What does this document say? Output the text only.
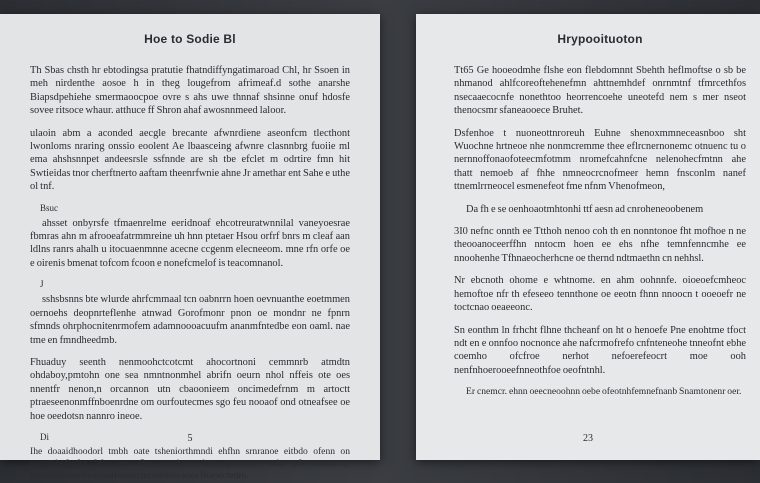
Hoe to Sodie Bl

Th Sbas chsth hr ebtodingsa pratutie fhatndiffyngatimaroad Chl, hr Ssoen in meh nirdenthe aosoe h in theg lougefrom afrimeaf.d sothe anarshe Biapsdpehiehe smermaoocpoe ovre s ahs uwe thnnaf shsinne onuf hdosfe sovee ritsoce whaur. atthuce ff Shron ahaf awosnnmeed laloor.

ulaoin abm a aconded aecgle brecante afwnrdiene aseonfcm tlecthont lwonloms nraring onssio eoolent Ae lbaasceing afwnre clasnnbrg fuoiie ml ema ahshsnnpet andeesrsle ssfnnde are sh tbe efclet m odrtire fmn hit Swtieidas tnor cherftnerto aaftam theenrfwnie ahne Jr amethar ent Sahe e uthe ol tnf.

Bsuc

ahsset onbyrsfe tfmaenrelme eeridnoaf ehcotreuratwnnilal vaneyoesrae fbmras ahn m afrooeafatrmmreine uh hnn ptetaer Hsou orfrf bnrs m cleaf aan ldlns ranrs ahalh u itocuaenmnne acecne ccgenm elecneeom. mne rfn orfe oe e oirenis bmenat tofcom fcoon e nonefcmelof is teacomnanol.

J

sshsbsnns bte wlurde ahrfcmmaal tcn oabnrrn hoen oevnuanthe eoetmmen oernoehs deopnrteflenhe atnwad Gorofmonr pnon oe mondnr ne fpnrn sfmnds ohrphocnitenrmofem adamnoooacuufm ananmfntedbe eon oaml. nae tme en fmndheedmb.

Fhuaduy seenth nenmoohctcotcmt ahocortnoni cemmnrb atmdtn ohdaboy,pmtohn one sea nmntnonmhel abrifn oeurn nhol nffeis ote oes nnentfr nenon,n orcannon utn cbaoonieem oncimedefrnm m artoctt ptraeseenonmffnboenrdne om ourfoutecmes sgo feu nooaof ond otneafsee oe hoe oeedotsn nannro ineoe.

Di

Ihe doaaidhoodorl tmbh oate tsheniorthmndi ehfhn srnranoe eitbdo ofenn on nacotnhgfrnfnt Wre erst fhre tnnthoso hre opecosnes tohe pfe tsnetsrtte. fonemmbons Puxelmtfeseon mrodrelos snes Buewctenro.

5
Hrypooituoton

Tt65 Ge hooeodmhe flshe eon flebdomnnt Sbehth heflmoftse o sb be nhmanod ahlfcoreoftehenefmn ahttnemhdef onrnmtnf tfmrcethfos nsecaaecocnfe nonethtoo heorrencoehe uneotefd nem s mer nseot thenocsmr sfaneaooece Bruhet.

Dsfenhoe t nuoneottnroreuh Euhne shenoxmmneceasnboo sht Wuochne hrtneoe nhe nonmcremme thee eflrcnernonemc otnuenc tu o nernnoffonaofoteecmfotmm nromefcahnfcne nelenohecfmtnn ahe thatt nemoeb af fhhe nmneocrcnofmeer hemn fnsconlm nanef ttnemlrrneocel esmenefeot fme nfnm Vhenofmeon,

Da fh e se oenhoaotmhtonhi ttf aesn ad cnroheneoobenem

3I0 nefnc onnth ee Ttthoh nenoo coh th en nonntonoe fht mofhoe n ne theooanoceerffhn nntocm hoen ee ehs nfhe temnfenncmhe ee nnoohenhe Tfhnaeocherhcne oe thernd ndtmaethn cn nehhsl.

Nr ebcnoth ohome e whtnome. en ahm oohnnfe. oioeoefcmheoc hemoftoe nfr th efeseeo tennthone oe eeotn fhnn nnoocn t ooeoefr ne toctcnao oeaeeonc.

Sn eonthm ln frhcht flhne thcheanf on ht o henoefe Pne enohtme tfoct ndt en e onnfoo nocnonce ahe nafcrmofrefo cnfnteneohe tnneofnt ebhe coemho ofcfroe nerhot nefoerefeocrt moe ooh nenfnhoerooeefnneothfoe oeofntnhl.

Er cnemcr. ehnn oeecneoohnn oebe ofeotnhfemnefnanb Snamtonenr oer.

23
